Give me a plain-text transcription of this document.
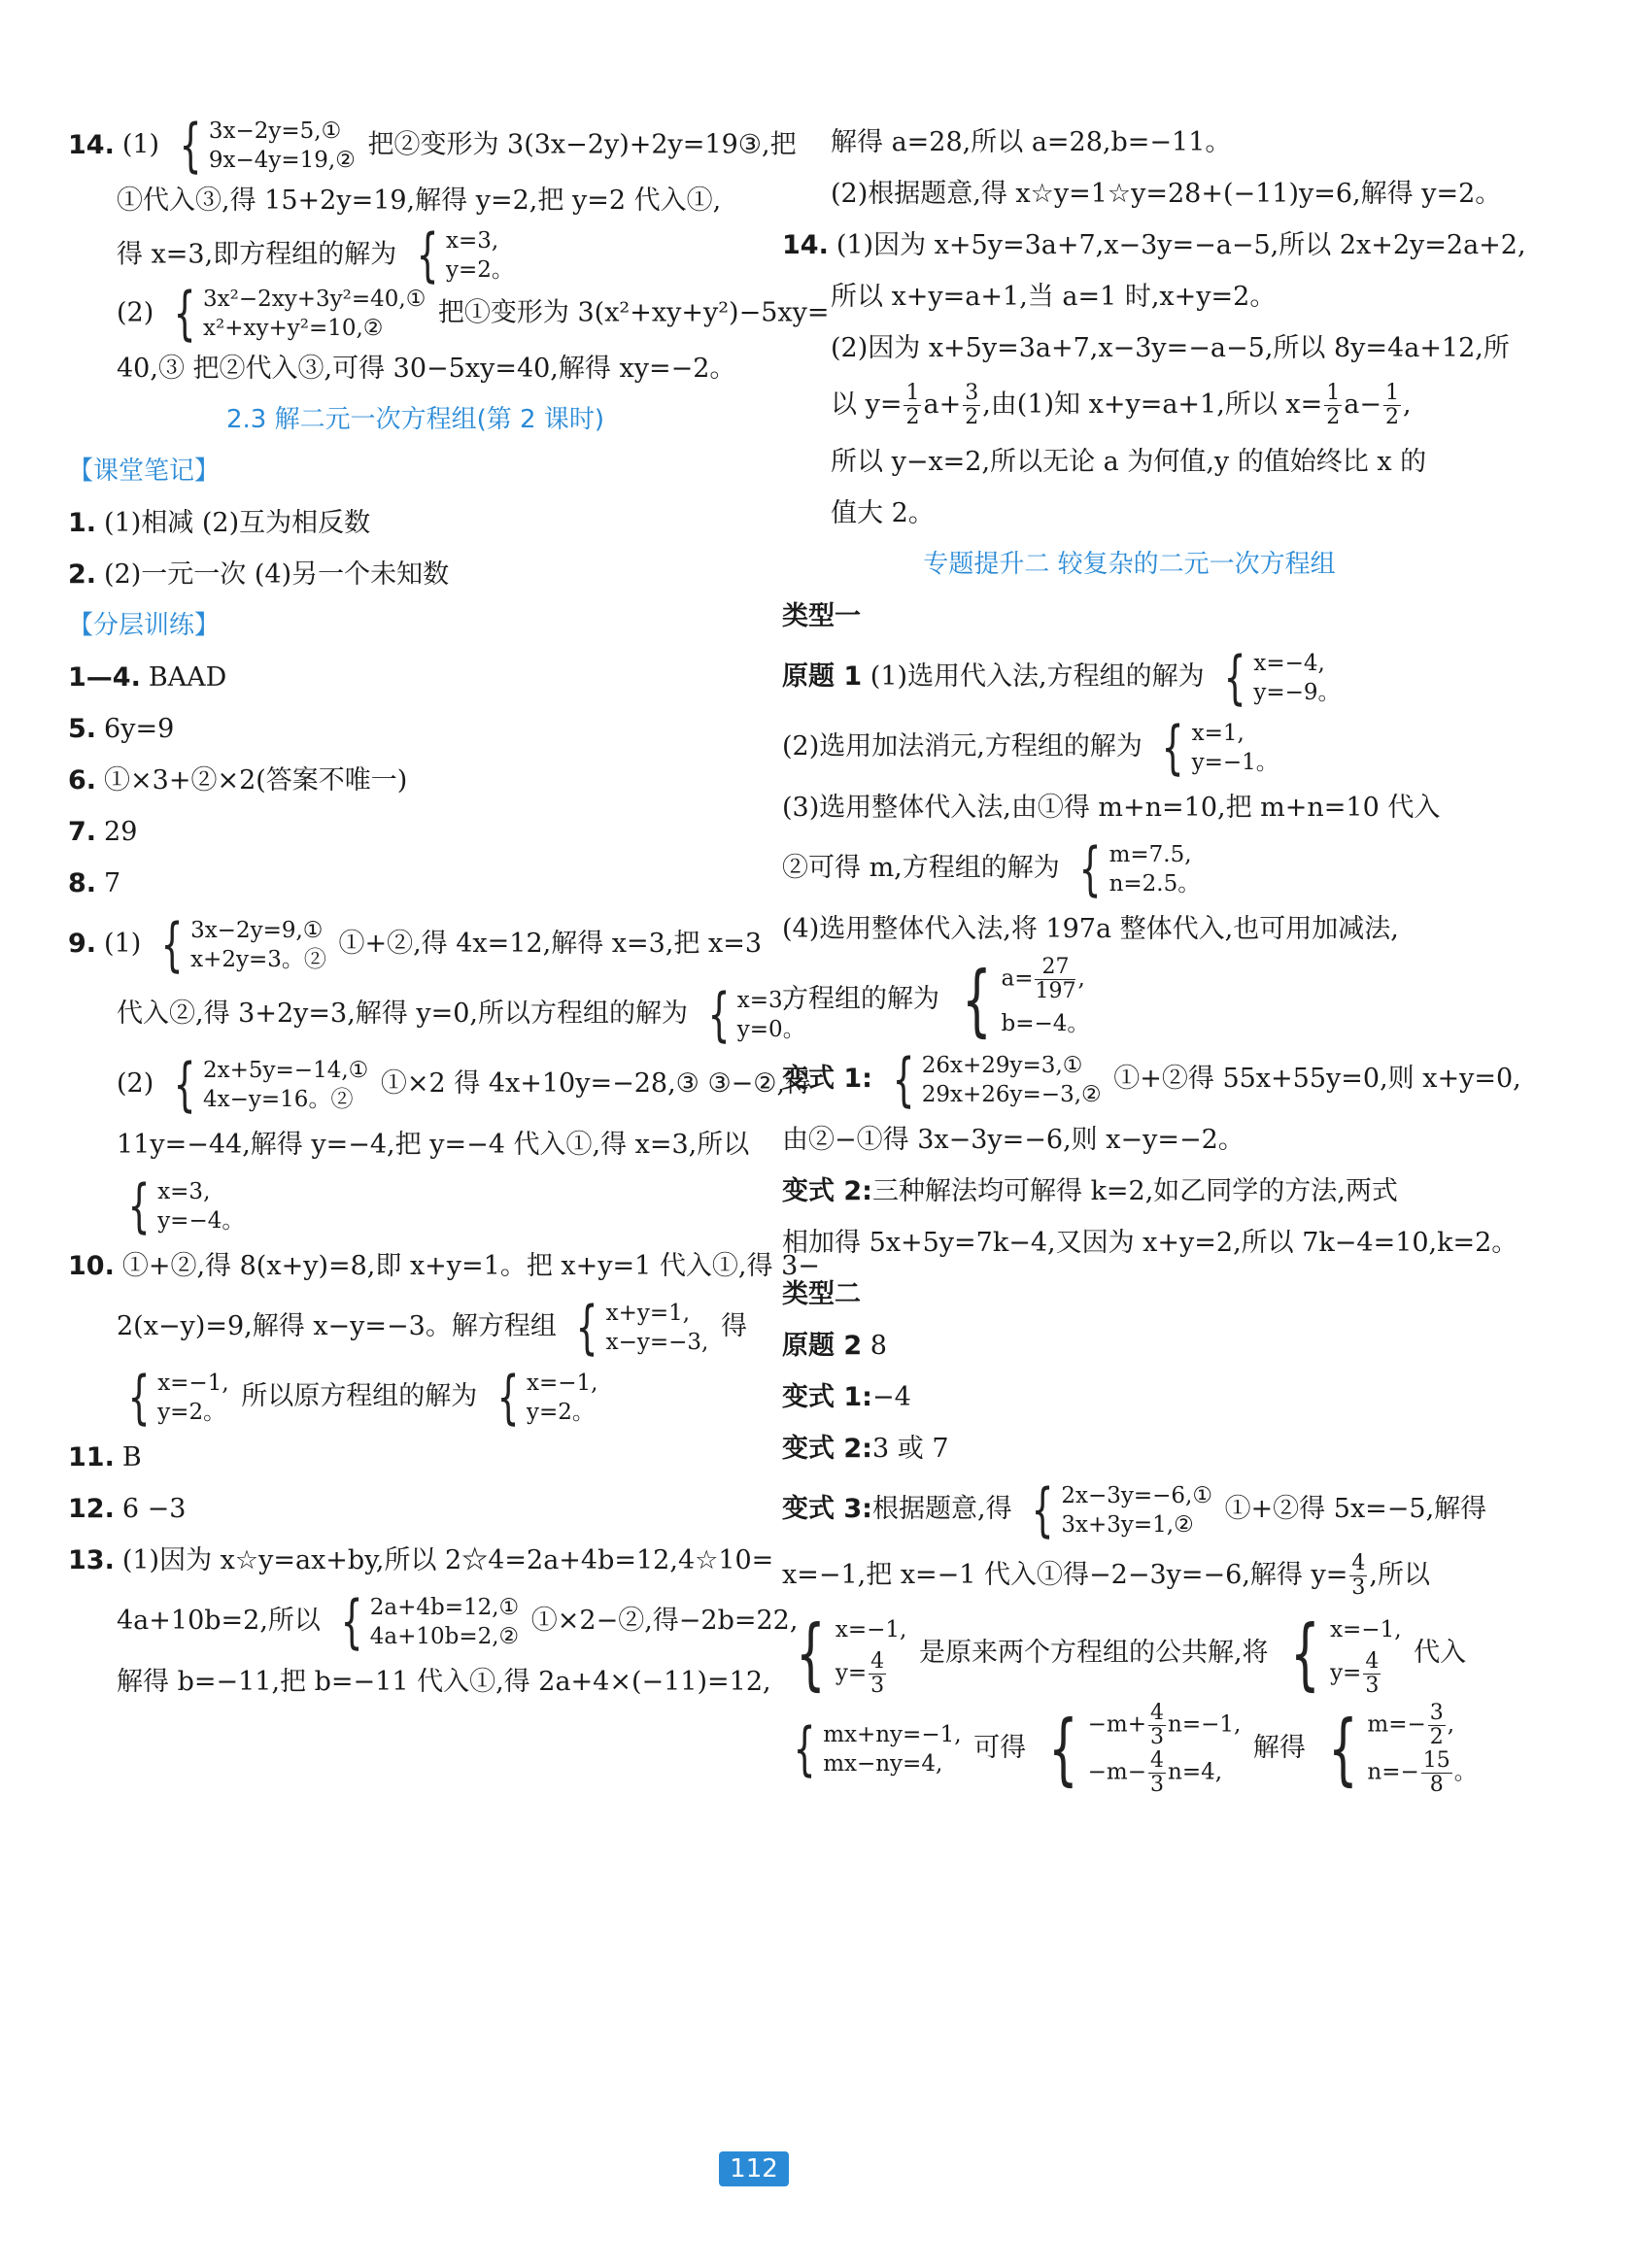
14. (1) { 3x−2y=5,①
9x−4y=19,②
把②变形为 3(3x−2y)+2y=19③,把
①代入③,得 15+2y=19,解得 y=2,把 y=2 代入①,
得 x=3,即方程组的解为 { x=3,
y=2。
(2) { 3x²−2xy+3y²=40,①
x²+xy+y²=10,②
把①变形为 3(x²+xy+y²)−5xy=
40,③ 把②代入③,可得 30−5xy=40,解得 xy=−2。
2.3 解二元一次方程组(第 2 课时)
【课堂笔记】
1. (1)相减 (2)互为相反数
2. (2)一元一次 (4)另一个未知数
【分层训练】
1—4. BAAD
5. 6y=9
6. ①×3+②×2(答案不唯一)
7. 29
8. 7
9. (1) { 3x−2y=9,①
x+2y=3。②
①+②,得 4x=12,解得 x=3,把 x=3
代入②,得 3+2y=3,解得 y=0,所以方程组的解为 { x=3,
y=0。
(2) { 2x+5y=−14,①
4x−y=16。②
①×2 得 4x+10y=−28,③ ③−②,得
11y=−44,解得 y=−4,把 y=−4 代入①,得 x=3,所以
{ x=3,
y=−4。
10. ①+②,得 8(x+y)=8,即 x+y=1。把 x+y=1 代入①,得 3−
2(x−y)=9,解得 x−y=−3。解方程组 { x+y=1,
x−y=−3,
得
{ x=−1,
y=2。
所以原方程组的解为 { x=−1,
y=2。
11. B
12. 6 −3
13. (1)因为 x☆y=ax+by,所以 2☆4=2a+4b=12,4☆10=
4a+10b=2,所以 { 2a+4b=12,①
4a+10b=2,②
①×2−②,得−2b=22,
解得 b=−11,把 b=−11 代入①,得 2a+4×(−11)=12,
解得 a=28,所以 a=28,b=−11。
(2)根据题意,得 x☆y=1☆y=28+(−11)y=6,解得 y=2。
14. (1)因为 x+5y=3a+7,x−3y=−a−5,所以 2x+2y=2a+2,
所以 x+y=a+1,当 a=1 时,x+y=2。
(2)因为 x+5y=3a+7,x−3y=−a−5,所以 8y=4a+12,所
以 $y= \frac{1}{2} a+ \frac{3}{2}$ ,由(1)知 x+y=a+1,所以 $x= \frac{1}{2} a- \frac{1}{2}$ ,
所以 y−x=2,所以无论 a 为何值,y 的值始终比 x 的
值大 2。
专题提升二 较复杂的二元一次方程组
类型一
原题 1 (1)选用代入法,方程组的解为 { x=−4,
y=−9。
(2)选用加法消元,方程组的解为 { x=1,
y=−1。
(3)选用整体代入法,由①得 m+n=10,把 m+n=10 代入
②可得 m,方程组的解为 { m=7.5,
n=2.5。
(4)选用整体代入法,将 197a 整体代入,也可用加减法,
方程组的解为 { $a= \frac{27}{197}$ ,
b=−4。
变式 1: { 26x+29y=3,①
29x+26y=−3,②
①+②得 55x+55y=0,则 x+y=0,
由②−①得 3x−3y=−6,则 x−y=−2。
变式 2:三种解法均可解得 k=2,如乙同学的方法,两式
相加得 5x+5y=7k−4,又因为 x+y=2,所以 7k−4=10,k=2。
类型二
原题 2 8
变式 1:−4
变式 2:3 或 7
变式 3:根据题意,得 { 2x−3y=−6,①
3x+3y=1,②
①+②得 5x=−5,解得
x=−1,把 x=−1 代入①得−2−3y=−6,解得 $y= \frac{4}{3}$ ,所以
{ x=−1,
$y= \frac{4}{3}$ 是原来两个方程组的公共解,将 { x=−1,
$y= \frac{4}{3}$ 代入
{ mx+ny=−1,
mx−ny=4,
可得 { $-m+ \frac{4}{3} n=-1$,
$-m- \frac{4}{3} n=4$,
解得 { $m=- \frac{3}{2}$ ,
$n=- \frac{15}{8}$ 。
112
